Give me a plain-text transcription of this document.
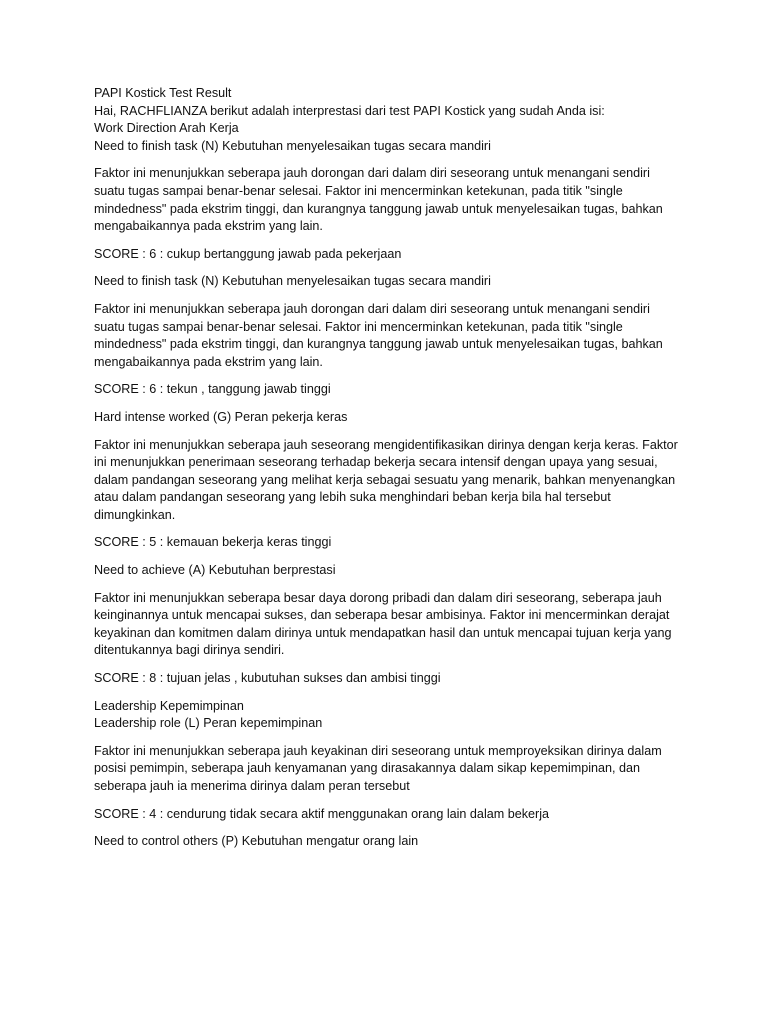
PAPI Kostick Test Result

Hai, RACHFLIANZA berikut adalah interprestasi dari test PAPI Kostick yang sudah Anda isi:

Work Direction Arah Kerja

Need to finish task (N) Kebutuhan menyelesaikan tugas secara mandiri

Faktor ini menunjukkan seberapa jauh dorongan dari dalam diri seseorang untuk menangani sendiri suatu tugas sampai benar-benar selesai. Faktor ini mencerminkan ketekunan, pada titik "single mindedness" pada ekstrim tinggi, dan kurangnya tanggung jawab untuk menyelesaikan tugas, bahkan mengabaikannya pada ekstrim yang lain.

SCORE : 6 : cukup bertanggung jawab pada pekerjaan

Need to finish task (N) Kebutuhan menyelesaikan tugas secara mandiri

Faktor ini menunjukkan seberapa jauh dorongan dari dalam diri seseorang untuk menangani sendiri suatu tugas sampai benar-benar selesai. Faktor ini mencerminkan ketekunan, pada titik "single mindedness" pada ekstrim tinggi, dan kurangnya tanggung jawab untuk menyelesaikan tugas, bahkan mengabaikannya pada ekstrim yang lain.

SCORE : 6 : tekun , tanggung jawab tinggi

Hard intense worked (G) Peran pekerja keras

Faktor ini menunjukkan seberapa jauh seseorang mengidentifikasikan dirinya dengan kerja keras. Faktor ini menunjukkan penerimaan seseorang terhadap bekerja secara intensif dengan upaya yang sesuai, dalam pandangan seseorang yang melihat kerja sebagai sesuatu yang menarik, bahkan menyenangkan atau dalam pandangan seseorang yang lebih suka menghindari beban kerja bila hal tersebut dimungkinkan.

SCORE : 5 : kemauan bekerja keras tinggi

Need to achieve (A) Kebutuhan berprestasi

Faktor ini menunjukkan seberapa besar daya dorong pribadi dan dalam diri seseorang, seberapa jauh keinginannya untuk mencapai sukses, dan seberapa besar ambisinya. Faktor ini mencerminkan derajat keyakinan dan komitmen dalam dirinya untuk mendapatkan hasil dan untuk mencapai tujuan kerja yang ditentukannya bagi dirinya sendiri.

SCORE : 8 : tujuan jelas , kubutuhan sukses dan ambisi tinggi

Leadership Kepemimpinan

Leadership role (L) Peran kepemimpinan

Faktor ini menunjukkan seberapa jauh keyakinan diri seseorang untuk memproyeksikan dirinya dalam posisi pemimpin, seberapa jauh kenyamanan yang dirasakannya dalam sikap kepemimpinan, dan seberapa jauh ia menerima dirinya dalam peran tersebut

SCORE : 4 : cendurung tidak secara aktif menggunakan orang lain dalam bekerja

Need to control others (P) Kebutuhan mengatur orang lain
